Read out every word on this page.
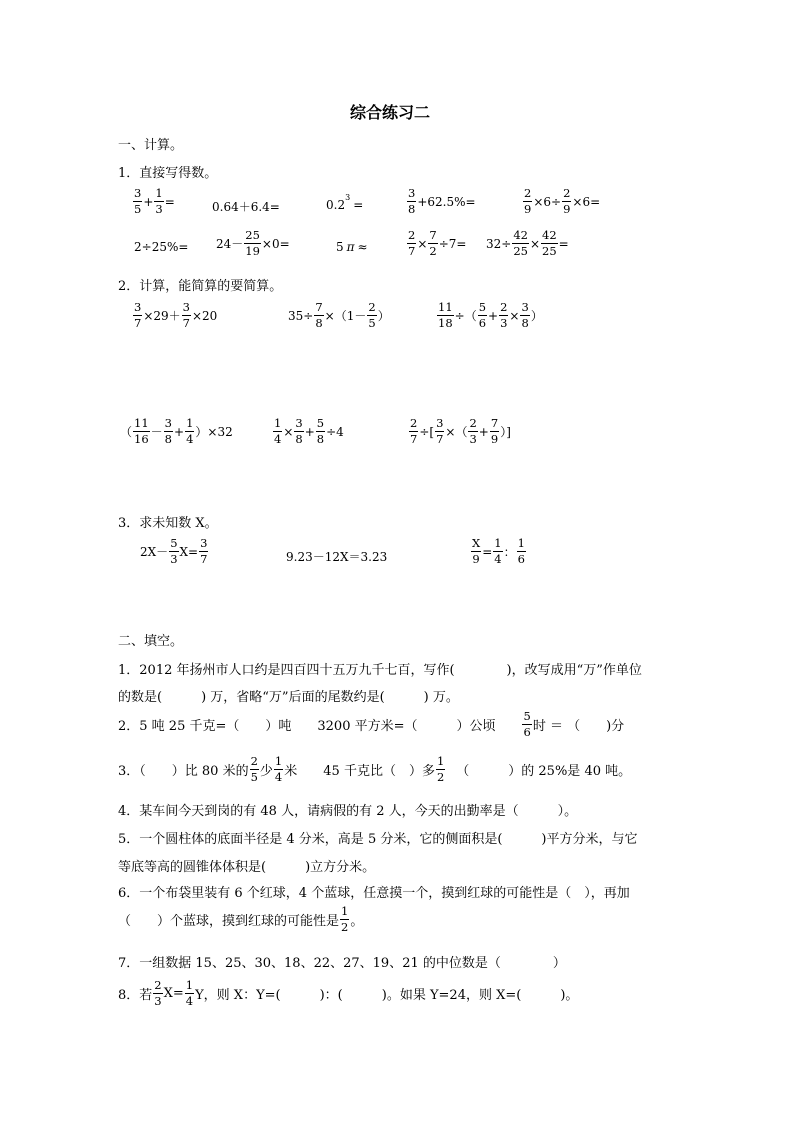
综合练习二
一、计算。
1．直接写得数。
$\frac{3}{5} + \frac{1}{3}$ =	0.64＋6.4=	0.2
3
=	$\frac{3}{8} +62.5\%=$	$\frac{2}{9} \times 6\div \frac{2}{9} \times 6=$
$2\div 25\%= 24- \frac{25}{19} \times 0=$	5 π ≈	$\frac{2}{7} \times \frac{7}{2} \div 7= 32\div \frac{42}{25} \times \frac{42}{25}$ =
2．计算，能简算的要简算。
$\frac{3}{7} \times 29+ \frac{3}{7} \times 20$	$35\div \frac{7}{8} \times(1- \frac{2}{5}$ ）	$\frac{11}{18}$ ÷（ $\frac{5}{6} + \frac{2}{3} \times \frac{3}{8}$ ）
（ $\frac{11}{16} - \frac{3}{8} + \frac{1}{4} )\times 32$	$\frac{1}{4} \times \frac{3}{8} + \frac{5}{8} \div 4$	$\frac{2}{7}$ ÷[ $\frac{3}{7}$ ×（ $\frac{2}{3} + \frac{7}{9}$ ）]
3．求未知数 X。
$2X- \frac{5}{3} X= \frac{3}{7}$	9.23－12X＝3.23	$\frac{X}{9} = \frac{1}{4}$ ： $\frac{1}{6}$
二、填空。
1．2012 年扬州市人口约是四百四十五万九千七百，写作(　　　　)，改写成用“万”作单位
的数是(　　　) 万，省略“万”后面的尾数约是(　　　) 万。
2．5 吨 25 千克=（　　）吨 3200 平方米=（　　　）公顷 $\frac{5}{6}$ 时 ＝ （　　)分
3．（　　）比 80 米的 $\frac{2}{5}$ 少 $\frac{1}{4}$ 米 45 千克比（　）多 $\frac{1}{2}$ （　　　）的 25%是 40 吨。
4．某车间今天到岗的有 48 人，请病假的有 2 人，今天的出勤率是（　　　）。
5．一个圆柱体的底面半径是 4 分米，高是 5 分米，它的侧面积是(　　　)平方分米，与它
等底等高的圆锥体体积是(　　　)立方分米。
6．一个布袋里装有 6 个红球，4 个蓝球，任意摸一个，摸到红球的可能性是（　），再加
（　　）个蓝球，摸到红球的可能性是 $\frac{1}{2}$ 。
7．一组数据 15、25、30、18、22、27、19、21 的中位数是（　　　　）
8．若 $\frac{2}{3} X= \frac{1}{4}$ Y，则 X：Y=(　　　)：(　　　)。如果 Y=24，则 X=(　　　)。
